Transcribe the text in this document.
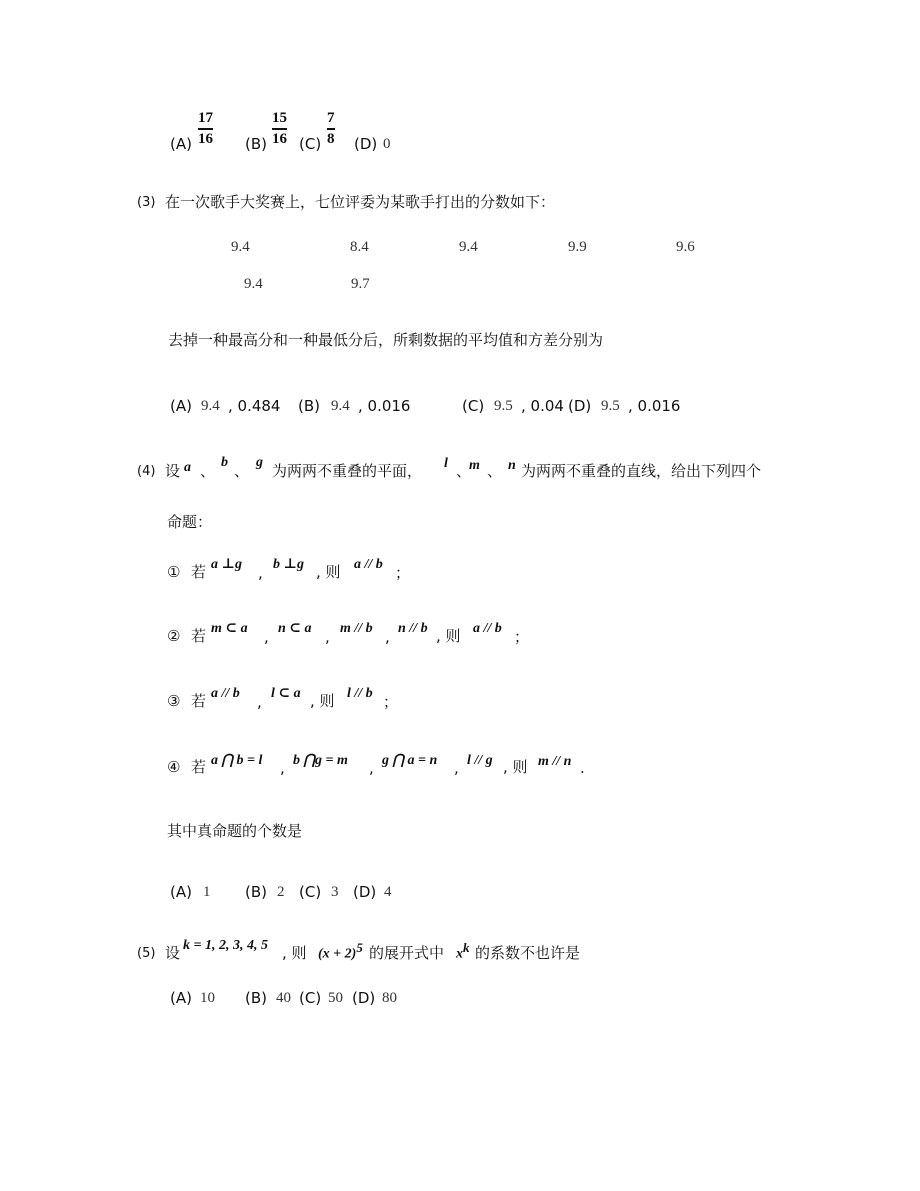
(A)
17
16 (B)
15
16 (C)
7
8 (D) 0
(3) 在一次歌手大奖赛上，七位评委为某歌手打出的分数如下：
9.4	8.4	9.4	9.9	9.6
9.4	9.7
去掉一种最高分和一种最低分后，所剩数据的平均值和方差分别为
(A) 9.4 , 0.484 (B) 9.4 , 0.016	(C) 9.5 , 0.04 (D) 9.5 , 0.016
(4) 设 a 、 b 、 g 为两两不重叠的平面， l 、
m 、 n 为两两不重叠的直线，给出下列四个
命题：
① 若 a ⊥g , b ⊥g , 则 a // b ；
② 若 m ⊂ a , n ⊂ a , m // b , n // b , 则 a // b ；
③ 若 a // b , l ⊂ a , 则 l // b ；
④ 若 a ⋂ b = l , b ⋂g = m , g ⋂ a = n , l // g , 则 m // n .
其中真命题的个数是
(A) 1 (B) 2 (C) 3 (D) 4
(5) 设 k = 1, 2, 3, 4, 5 , 则 $(x + 2)^5$ 的展开式中 $x^k$ 的系数不也许是
(A) 10 (B) 40 (C) 50 (D) 80
